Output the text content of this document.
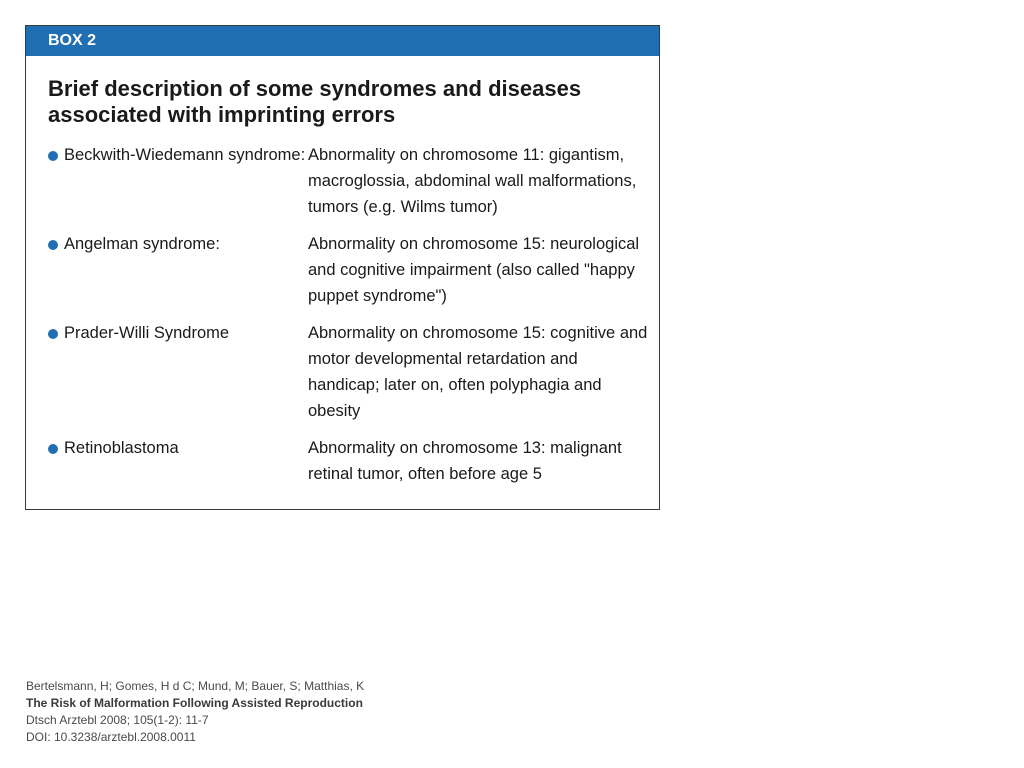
BOX 2
Brief description of some syndromes and diseases associated with imprinting errors
Beckwith-Wiedemann syndrome: Abnormality on chromosome 11: gigantism, macroglossia, abdominal wall malformations, tumors (e.g. Wilms tumor)
Angelman syndrome:	Abnormality on chromosome 15: neurological and cognitive impairment (also called "happy puppet syndrome")
Prader-Willi Syndrome	Abnormality on chromosome 15: cognitive and motor developmental retardation and handicap; later on, often polyphagia and obesity
Retinoblastoma	Abnormality on chromosome 13: malignant retinal tumor, often before age 5
Bertelsmann, H; Gomes, H d C; Mund, M; Bauer, S; Matthias, K
The Risk of Malformation Following Assisted Reproduction
Dtsch Arztebl 2008; 105(1-2): 11-7
DOI: 10.3238/arztebl.2008.0011
